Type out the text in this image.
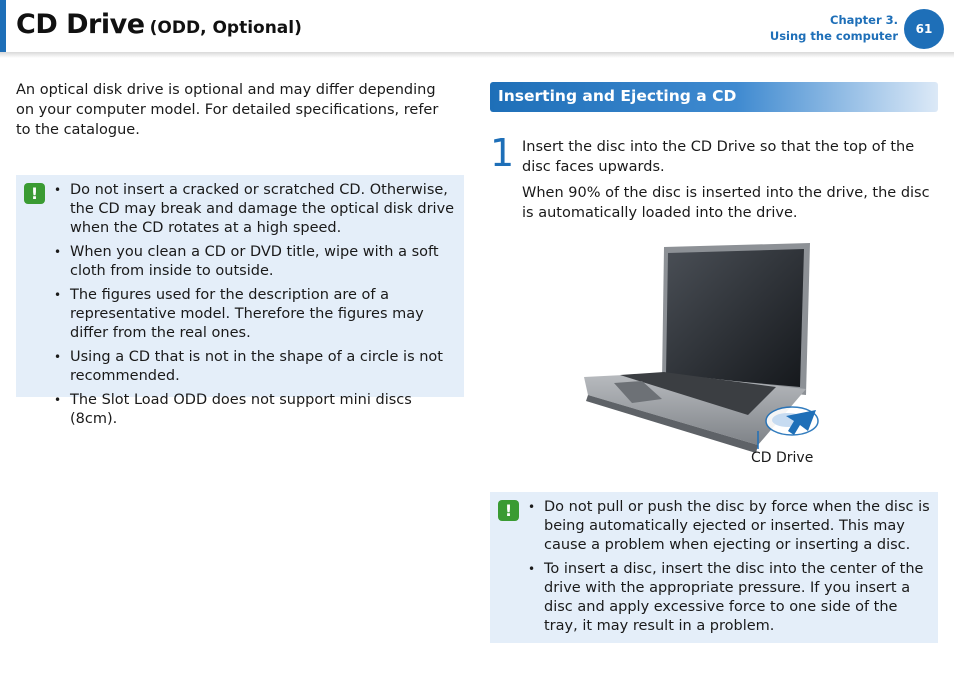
CD Drive (ODD, Optional)	Chapter 3.
Using the computer	61

An optical disk drive is optional and may differ depending on your computer model. For detailed specifications, refer to the catalogue.

!	• Do not insert a cracked or scratched CD. Otherwise, the CD may break and damage the optical disk drive when the CD rotates at a high speed.
• When you clean a CD or DVD title, wipe with a soft cloth from inside to outside.
• The figures used for the description are of a representative model. Therefore the figures may differ from the real ones.
• Using a CD that is not in the shape of a circle is not recommended.
• The Slot Load ODD does not support mini discs (8cm).
Inserting and Ejecting a CD
1 Insert the disc into the CD Drive so that the top of the disc faces upwards.

When 90% of the disc is inserted into the drive, the disc is automatically loaded into the drive.

CD Drive
!	• Do not pull or push the disc by force when the disc is being automatically ejected or inserted. This may cause a problem when ejecting or inserting a disc.
• To insert a disc, insert the disc into the center of the drive with the appropriate pressure. If you insert a disc and apply excessive force to one side of the tray, it may result in a problem.
